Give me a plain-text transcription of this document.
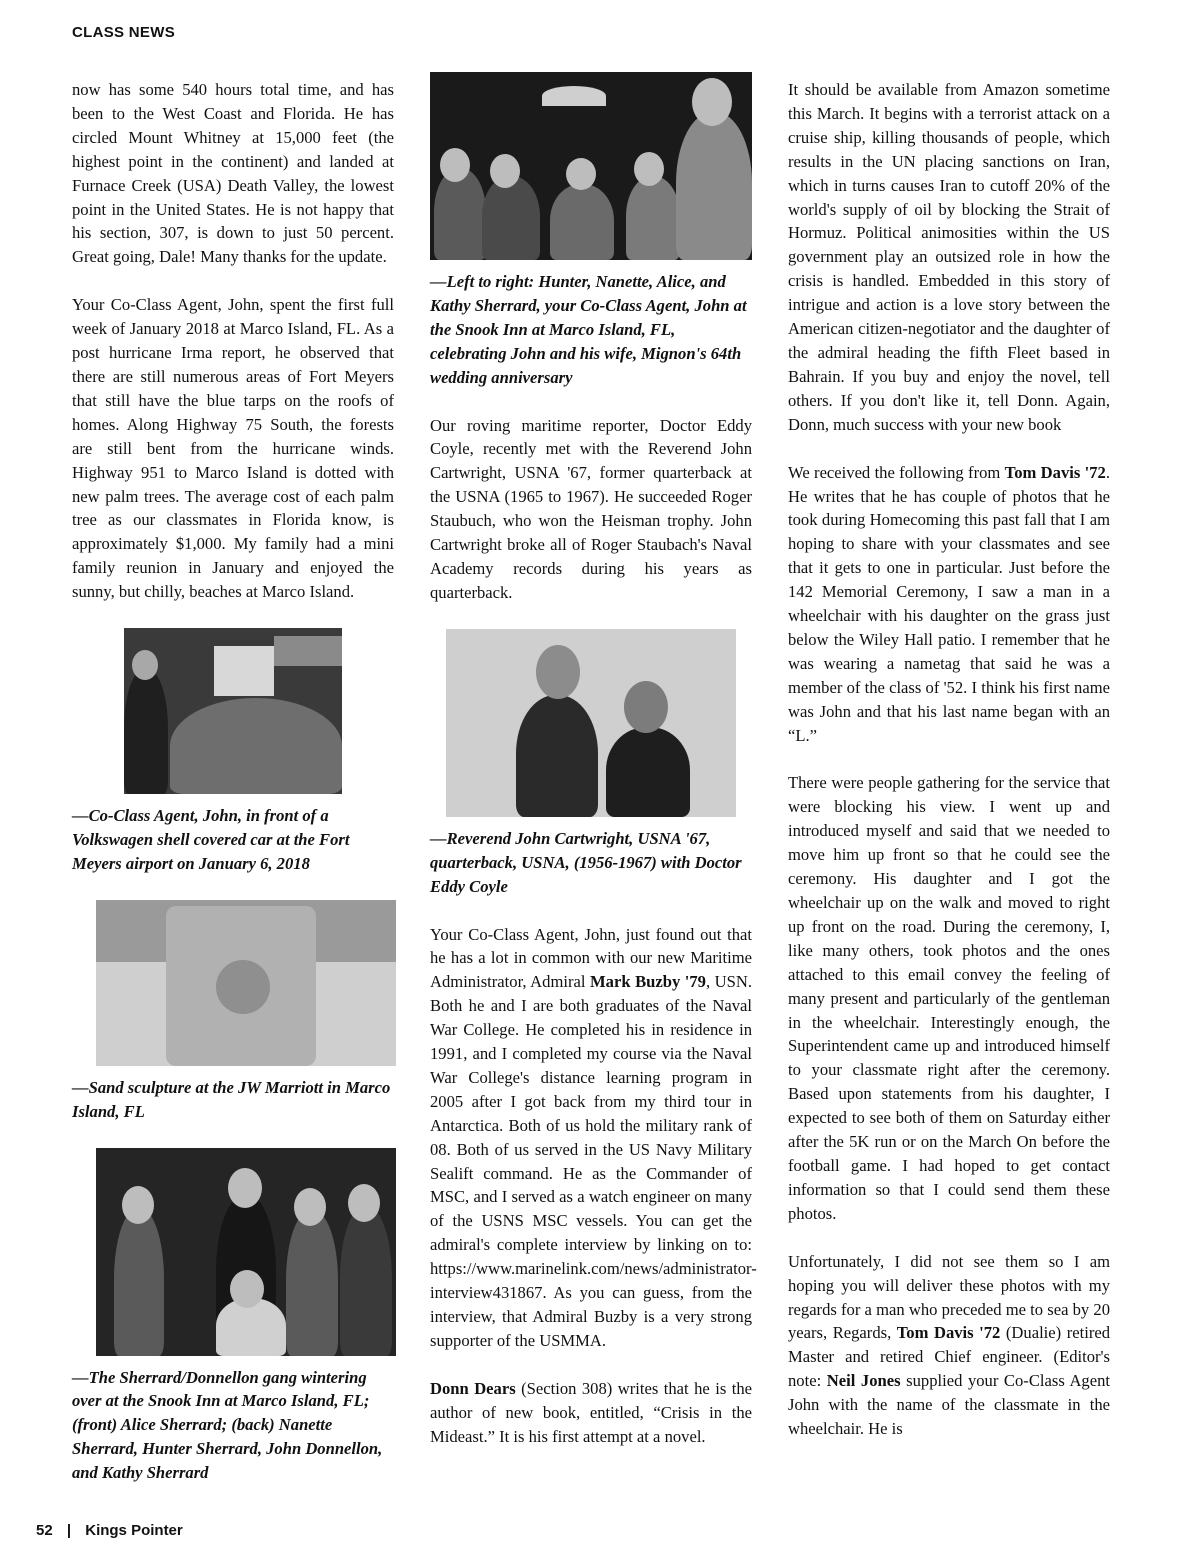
CLASS NEWS

now has some 540 hours total time, and has been to the West Coast and Florida. He has circled Mount Whitney at 15,000 feet (the highest point in the continent) and landed at Furnace Creek (USA) Death Valley, the lowest point in the United States. He is not happy that his section, 307, is down to just 50 percent. Great going, Dale! Many thanks for the update.

Your Co-Class Agent, John, spent the first full week of January 2018 at Marco Island, FL. As a post hurricane Irma report, he observed that there are still numerous areas of Fort Meyers that still have the blue tarps on the roofs of homes. Along Highway 75 South, the forests are still bent from the hurricane winds. Highway 951 to Marco Island is dotted with new palm trees. The average cost of each palm tree as our classmates in Florida know, is approximately $1,000. My family had a mini family reunion in January and enjoyed the sunny, but chilly, beaches at Marco Island.

—Co-Class Agent, John, in front of a Volkswagen shell covered car at the Fort Meyers airport on January 6, 2018

—Sand sculpture at the JW Marriott in Marco Island, FL

—The Sherrard/Donnellon gang wintering over at the Snook Inn at Marco Island, FL; (front) Alice Sherrard; (back) Nanette Sherrard, Hunter Sherrard, John Donnellon, and Kathy Sherrard

—Left to right: Hunter, Nanette, Alice, and Kathy Sherrard, your Co-Class Agent, John at the Snook Inn at Marco Island, FL, celebrating John and his wife, Mignon's 64th wedding anniversary

Our roving maritime reporter, Doctor Eddy Coyle, recently met with the Reverend John Cartwright, USNA '67, former quarterback at the USNA (1965 to 1967). He succeeded Roger Staubuch, who won the Heisman trophy. John Cartwright broke all of Roger Staubach's Naval Academy records during his years as quarterback.

—Reverend John Cartwright, USNA '67, quarterback, USNA, (1956-1967) with Doctor Eddy Coyle

Your Co-Class Agent, John, just found out that he has a lot in common with our new Maritime Administrator, Admiral Mark Buzby '79, USN. Both he and I are both graduates of the Naval War College. He completed his in residence in 1991, and I completed my course via the Naval War College's distance learning program in 2005 after I got back from my third tour in Antarctica. Both of us hold the military rank of 08. Both of us served in the US Navy Military Sealift command. He as the Commander of MSC, and I served as a watch engineer on many of the USNS MSC vessels. You can get the admiral's complete interview by linking on to: https://www.marinelink.com/news/administrator-interview431867. As you can guess, from the interview, that Admiral Buzby is a very strong supporter of the USMMA.

Donn Dears (Section 308) writes that he is the author of new book, entitled, “Crisis in the Mideast.” It is his first attempt at a novel.

It should be available from Amazon sometime this March. It begins with a terrorist attack on a cruise ship, killing thousands of people, which results in the UN placing sanctions on Iran, which in turns causes Iran to cutoff 20% of the world's supply of oil by blocking the Strait of Hormuz. Political animosities within the US government play an outsized role in how the crisis is handled. Embedded in this story of intrigue and action is a love story between the American citizen-negotiator and the daughter of the admiral heading the fifth Fleet based in Bahrain. If you buy and enjoy the novel, tell others. If you don't like it, tell Donn. Again, Donn, much success with your new book

We received the following from Tom Davis '72. He writes that he has couple of photos that he took during Homecoming this past fall that I am hoping to share with your classmates and see that it gets to one in particular. Just before the 142 Memorial Ceremony, I saw a man in a wheelchair with his daughter on the grass just below the Wiley Hall patio. I remember that he was wearing a nametag that said he was a member of the class of '52. I think his first name was John and that his last name began with an “L.”

There were people gathering for the service that were blocking his view. I went up and introduced myself and said that we needed to move him up front so that he could see the ceremony. His daughter and I got the wheelchair up on the walk and moved to right up front on the road. During the ceremony, I, like many others, took photos and the ones attached to this email convey the feeling of many present and particularly of the gentleman in the wheelchair. Interestingly enough, the Superintendent came up and introduced himself to your classmate right after the ceremony. Based upon statements from his daughter, I expected to see both of them on Saturday either after the 5K run or on the March On before the football game. I had hoped to get contact information so that I could send them these photos.

Unfortunately, I did not see them so I am hoping you will deliver these photos with my regards for a man who preceded me to sea by 20 years, Regards, Tom Davis '72 (Dualie) retired Master and retired Chief engineer. (Editor's note: Neil Jones supplied your Co-Class Agent John with the name of the classmate in the wheelchair. He is

52 | Kings Pointer
